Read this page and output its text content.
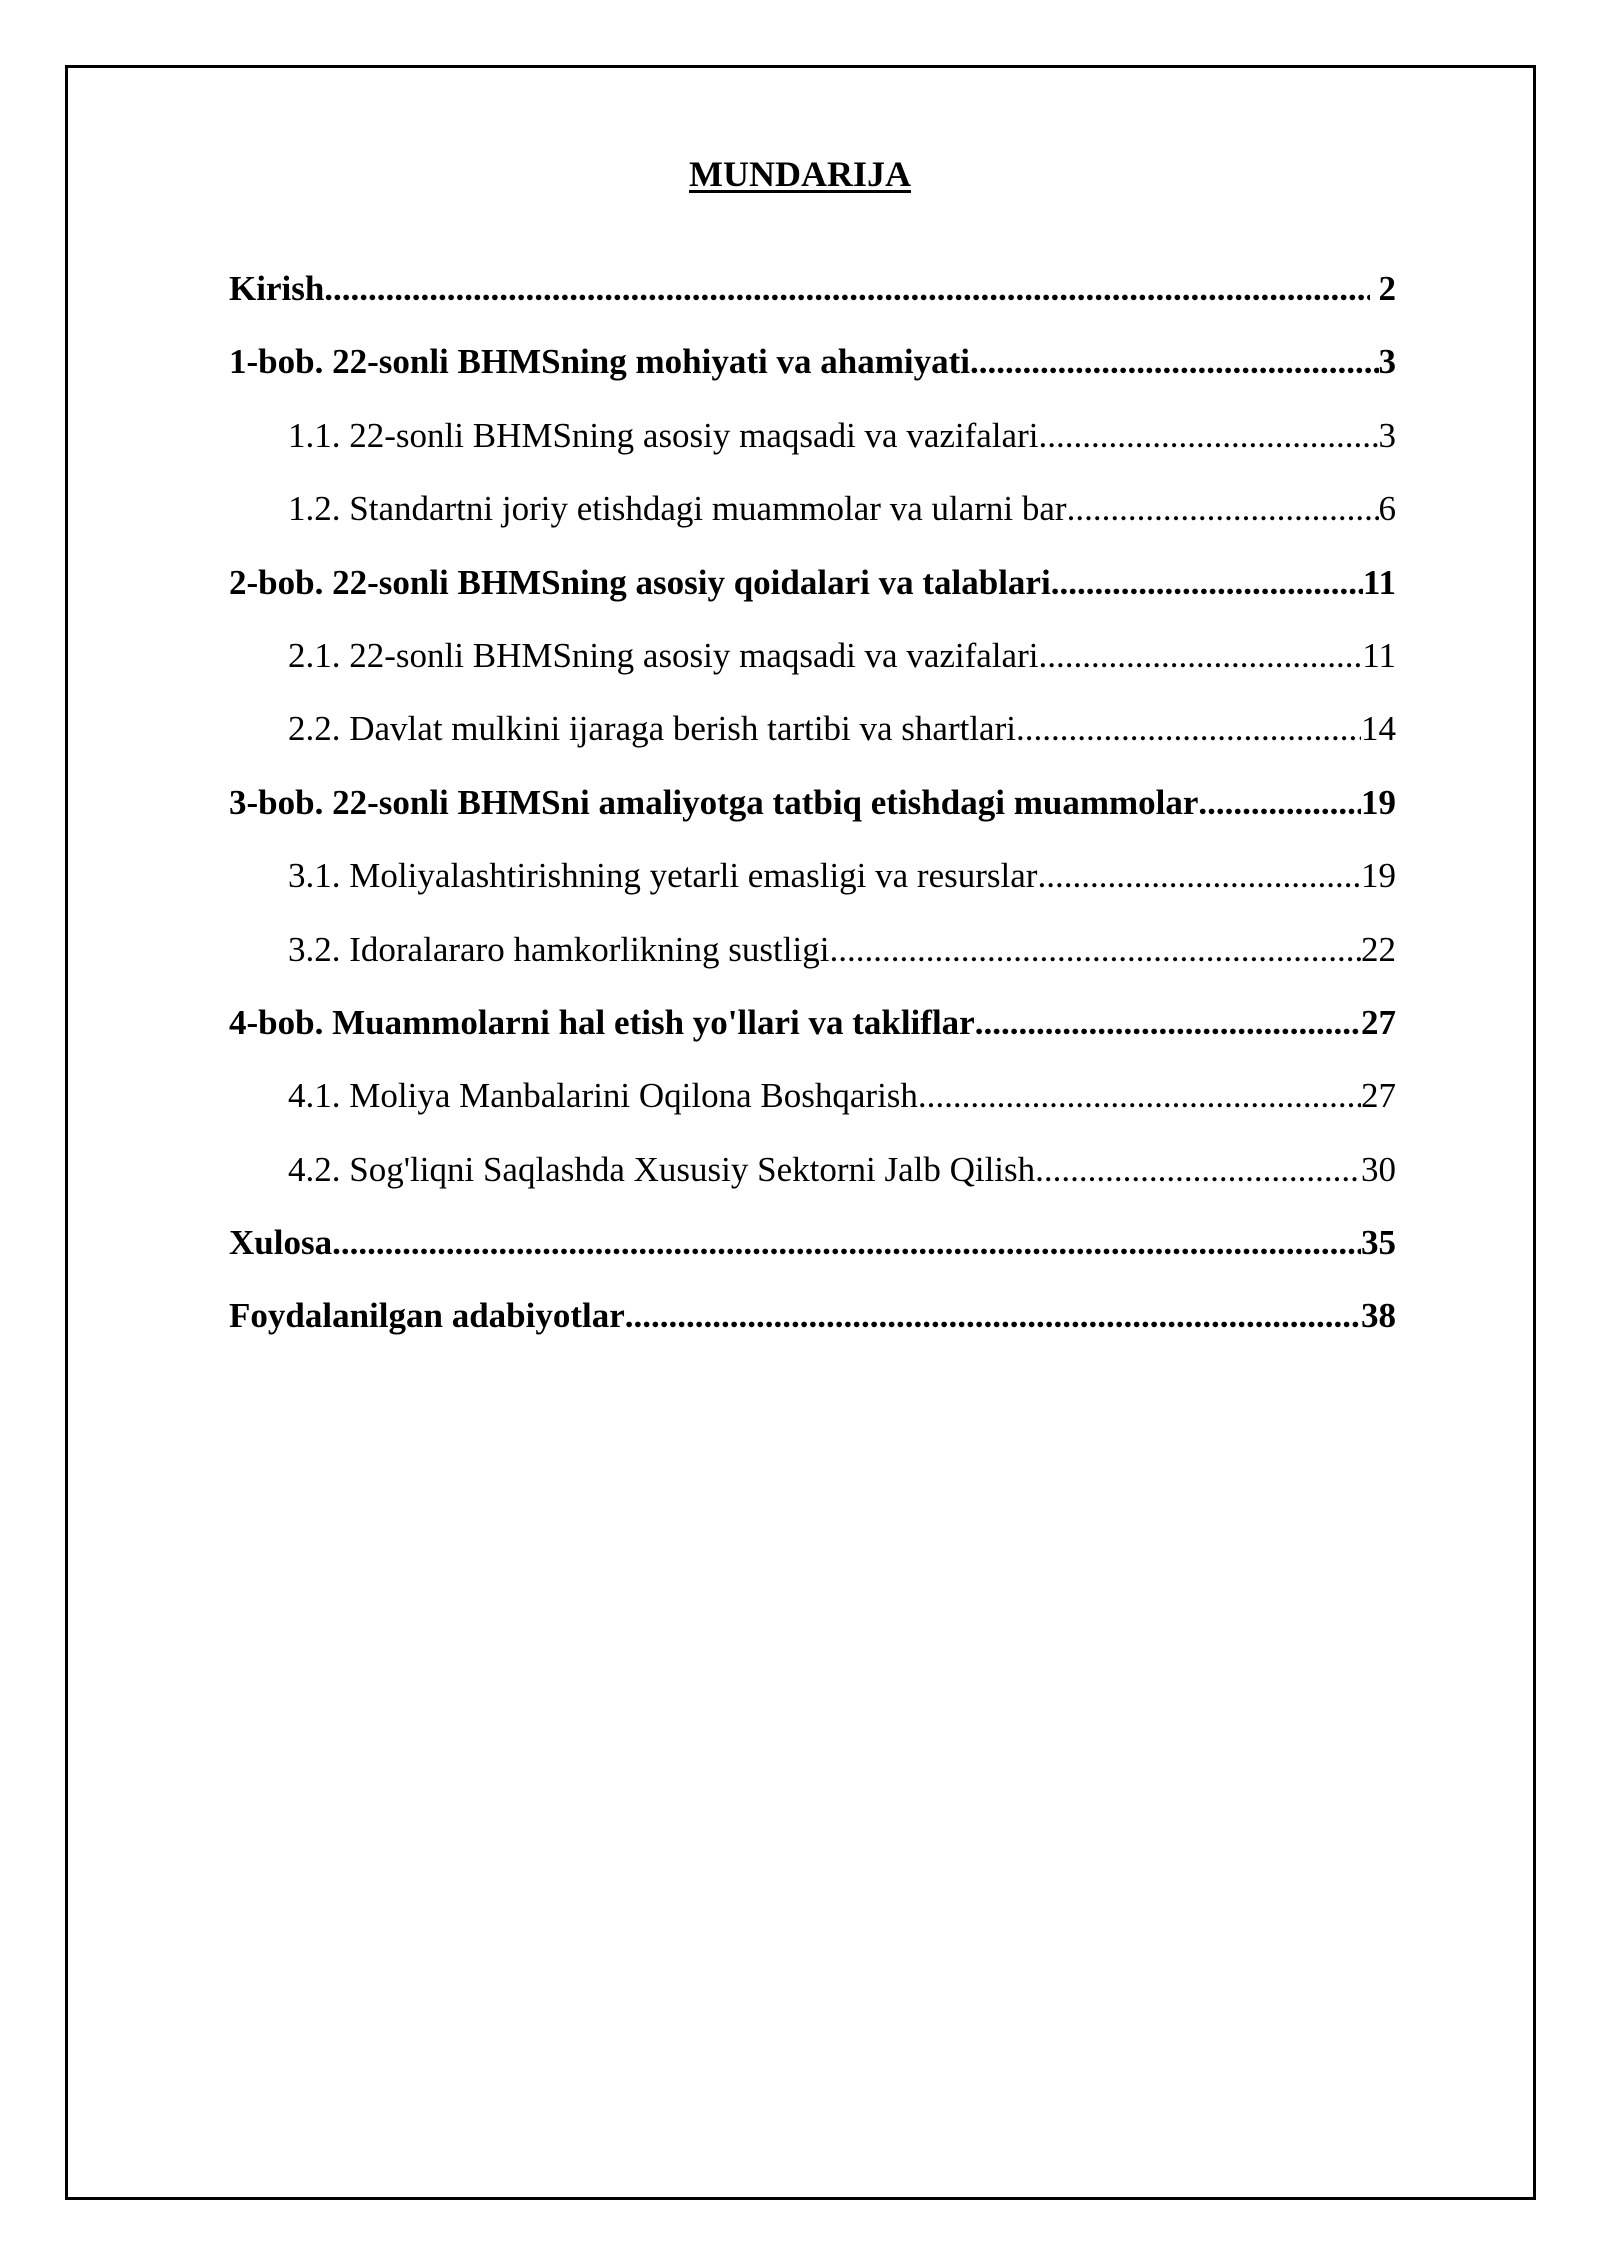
MUNDARIJA
Kirish .....	2
1-bob. 22-sonli BHMSning mohiyati va ahamiyati .....	3
1.1. 22-sonli BHMSning asosiy maqsadi va vazifalari .....	3
1.2. Standartni joriy etishdagi muammolar va ularni bar .....	6
2-bob. 22-sonli BHMSning asosiy qoidalari va talablari .....	11
2.1. 22-sonli BHMSning asosiy maqsadi va vazifalari .....	11
2.2. Davlat mulkini ijaraga berish tartibi va shartlari .....	14
3-bob. 22-sonli BHMSni amaliyotga tatbiq etishdagi muammolar .....	19
3.1. Moliyalashtirishning yetarli emasligi va resurslar .....	19
3.2. Idoralararo hamkorlikning sustligi .....	22
4-bob. Muammolarni hal etish yo'llari va takliflar .....	27
4.1. Moliya Manbalarini Oqilona Boshqarish .....	27
4.2. Sog'liqni Saqlashda Xususiy Sektorni Jalb Qilish .....	30
Xulosa .....	35
Foydalanilgan adabiyotlar .....	38
